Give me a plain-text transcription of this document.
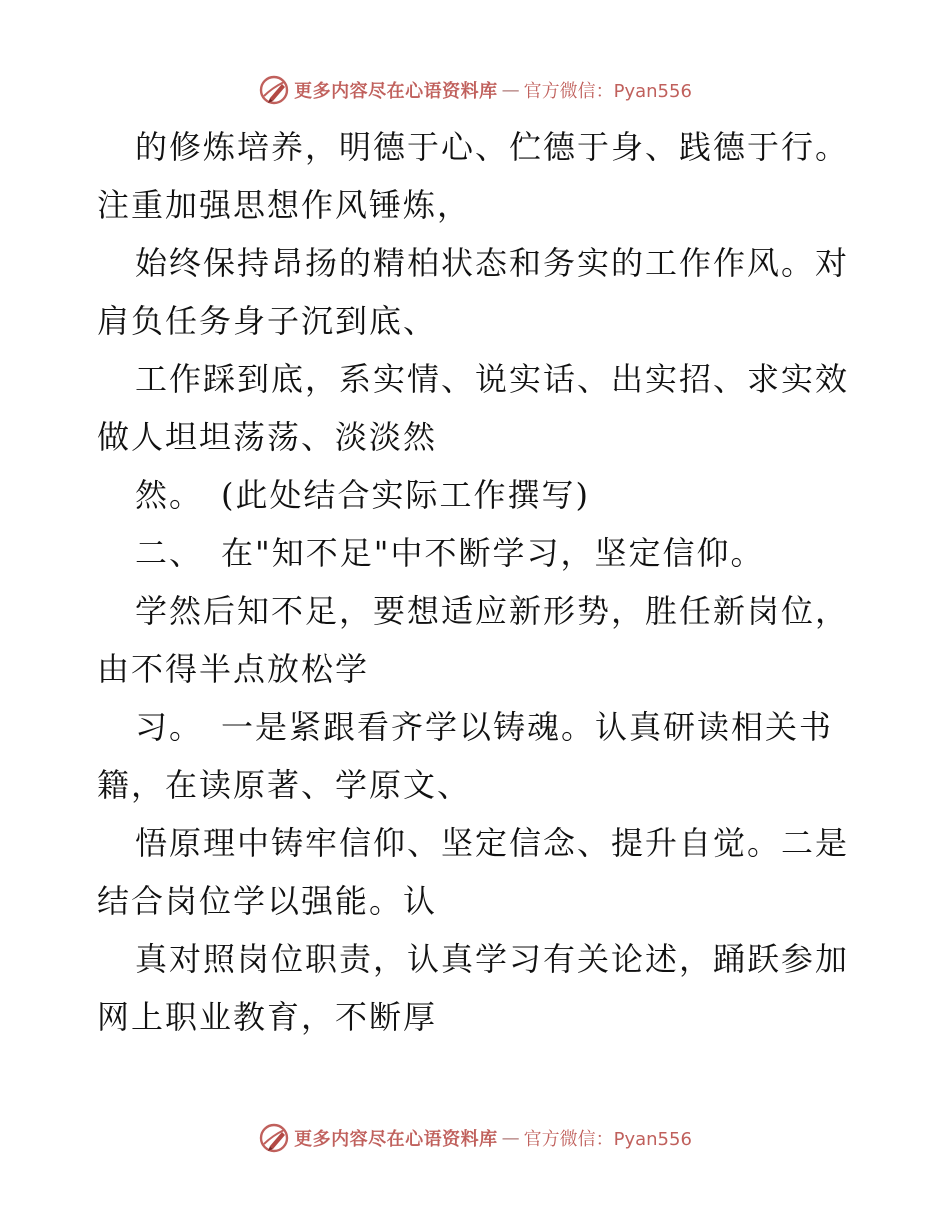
更多内容尽在心语资料库 — 官方微信：Pyan556
的修炼培养，明德于心、伫德于身、践德于行。
注重加强思想作风锤炼，
始终保持昂扬的精柏状态和务实的工作作风。对
肩负任务身子沉到底、
工作踩到底，系实情、说实话、出实招、求实效
做人坦坦荡荡、淡淡然
然。　(此处结合实际工作撰写)
二、　在"知不足"中不断学习，坚定信仰。
学然后知不足，要想适应新形势，胜任新岗位，
由不得半点放松学
习。　一是紧跟看齐学以铸魂。认真研读相关书
籍，在读原著、学原文、
悟原理中铸牢信仰、坚定信念、提升自觉。二是
结合岗位学以强能。认
真对照岗位职责，认真学习有关论述，踊跃参加
网上职业教育，不断厚
更多内容尽在心语资料库 — 官方微信：Pyan556
